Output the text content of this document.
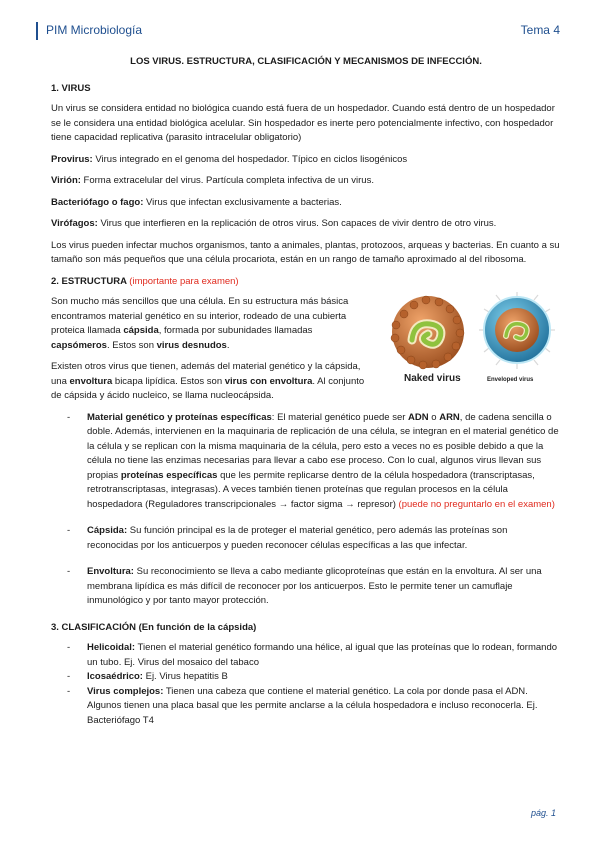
PIM Microbiología	Tema 4
LOS VIRUS. ESTRUCTURA, CLASIFICACIÓN Y MECANISMOS DE INFECCIÓN.
1. VIRUS
Un virus se considera entidad no biológica cuando está fuera de un hospedador. Cuando está dentro de un hospedador se le considera una entidad biológica acelular. Sin hospedador es inerte pero potencialmente infectivo, con hospedador tiene capacidad replicativa (parasito intracelular obligatorio)
Provirus: Virus integrado en el genoma del hospedador. Típico en ciclos lisogénicos
Virión: Forma extracelular del virus. Partícula completa infectiva de un virus.
Bacteriófago o fago: Virus que infectan exclusivamente a bacterias.
Virófagos: Virus que interfieren en la replicación de otros virus. Son capaces de vivir dentro de otro virus.
Los virus pueden infectar muchos organismos, tanto a animales, plantas, protozoos, arqueas y bacterias. En cuanto a su tamaño son más pequeños que una célula procariota, están en un rango de tamaño aproximado al del ribosoma.
2. ESTRUCTURA (importante para examen)
Son mucho más sencillos que una célula. En su estructura más básica encontramos material genético en su interior, rodeado de una cubierta proteica llamada cápsida, formada por subunidades llamadas capsómeros. Estos son virus desnudos.
Existen otros virus que tienen, además del material genético y la cápsida, una envoltura bicapa lipídica. Estos son virus con envoltura. Al conjunto de cápsida y ácido nucleico, se llama nucleocápsida.
Naked virus	Enveloped virus
- Material genético y proteínas específicas: El material genético puede ser ADN o ARN, de cadena sencilla o doble. Además, intervienen en la maquinaria de replicación de una célula, se integran en el material genético de la célula y se replican con la misma maquinaria de la célula, pero esto a veces no es posible debido a que la célula no tiene las enzimas necesarias para llevar a cabo ese proceso. Con lo cual, algunos virus llevan sus propias proteínas específicas que les permite replicarse dentro de la célula hospedadora (transcriptasas, retrotranscriptasas, integrasas). A veces también tienen proteínas que regulan procesos en la célula hospedadora (Reguladores transcripcionales → factor sigma → represor) (puede no preguntarlo en el examen)
- Cápsida: Su función principal es la de proteger el material genético, pero además las proteínas son reconocidas por los anticuerpos y pueden reconocer células específicas a las que infectar.
- Envoltura: Su reconocimiento se lleva a cabo mediante glicoproteínas que están en la envoltura. Al ser una membrana lipídica es más difícil de reconocer por los anticuerpos. Esto le permite tener un camuflaje inmunológico y por tanto mayor protección.
3. CLASIFICACIÓN (En función de la cápsida)
- Helicoidal: Tienen el material genético formando una hélice, al igual que las proteínas que lo rodean, formando un tubo. Ej. Virus del mosaico del tabaco
- Icosaédrico: Ej. Virus hepatitis B
- Virus complejos: Tienen una cabeza que contiene el material genético. La cola por donde pasa el ADN. Algunos tienen una placa basal que les permite anclarse a la célula hospedadora e incluso reconocerla. Ej. Bacteriófago T4
pág. 1
